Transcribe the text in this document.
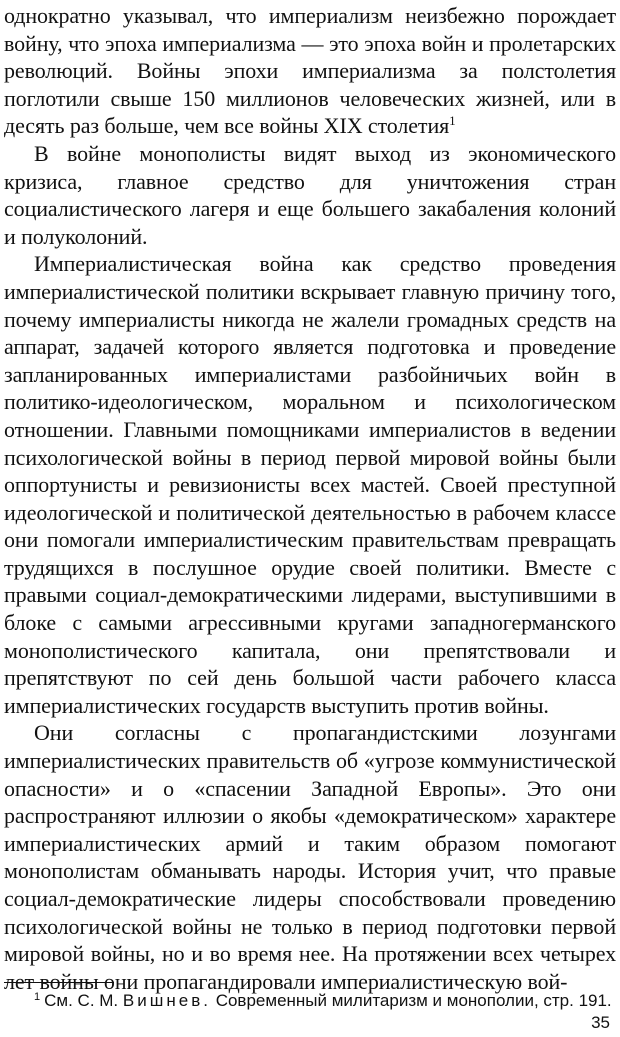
однократно указывал, что империализм неизбежно порождает войну, что эпоха империализма — это эпоха войн и пролетарских революций. Войны эпохи империализма за полстолетия поглотили свыше 150 миллионов человеческих жизней, или в десять раз больше, чем все войны XIX столетия$^1$

В войне монополисты видят выход из экономического кризиса, главное средство для уничтожения стран социалистического лагеря и еще большего закабаления колоний и полуколоний.

Империалистическая война как средство проведения империалистической политики вскрывает главную причину того, почему империалисты никогда не жалели громадных средств на аппарат, задачей которого является подготовка и проведение запланированных империалистами разбойничьих войн в политико-идеологическом, моральном и психологическом отношении. Главными помощниками империалистов в ведении психологической войны в период первой мировой войны были оппортунисты и ревизионисты всех мастей. Своей преступной идеологической и политической деятельностью в рабочем классе они помогали империалистическим правительствам превращать трудящихся в послушное орудие своей политики. Вместе с правыми социал-демократическими лидерами, выступившими в блоке с самыми агрессивными кругами западногерманского монополистического капитала, они препятствовали и препятствуют по сей день большой части рабочего класса империалистических государств выступить против войны.

Они согласны с пропагандистскими лозунгами империалистических правительств об «угрозе коммунистической опасности» и о «спасении Западной Европы». Это они распространяют иллюзии о якобы «демократическом» характере империалистических армий и таким образом помогают монополистам обманывать народы. История учит, что правые социал-демократические лидеры способствовали проведению психологической войны не только в период подготовки первой мировой войны, но и во время нее. На протяжении всех четырех лет войны они пропагандировали империалистическую вой-

$^1$ См. С. М. Вишнев. Современный милитаризм и монополии, стр. 191.

35
